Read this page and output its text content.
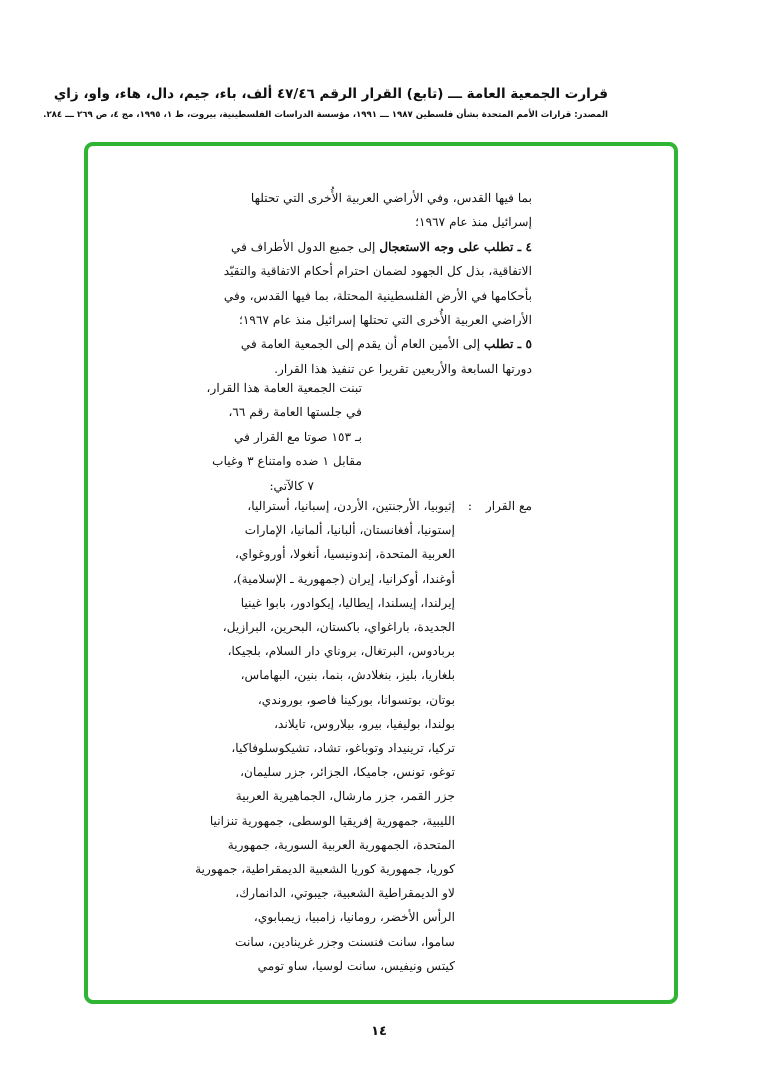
قرارت الجمعية العامة ـــ (تابع) القرار الرقم ٤٧/٤٦ ألف، باء، جيم، دال، هاء، واو، زاي
المصدر: قرارات الأمم المتحدة بشأن فلسطين ١٩٨٧ ـــ ١٩٩١، مؤسسة الدراسات الفلسطينية، بيروت، ط ١، ١٩٩٥، مج ٤، ص ٢٦٩ ـــ ٢٨٤.

بما فيها القدس، وفي الأراضي العربية الأُخرى التي تحتلها

إسرائيل منذ عام ١٩٦٧؛

٤ ـ تطلب على وجه الاستعجال إلى جميع الدول الأطراف في

الاتفاقية، بذل كل الجهود لضمان احترام أحكام الاتفاقية والتقيّد

بأحكامها في الأرض الفلسطينية المحتلة، بما فيها القدس، وفي

الأراضي العربية الأُخرى التي تحتلها إسرائيل منذ عام ١٩٦٧؛

٥ ـ تطلب إلى الأمين العام أن يقدم إلى الجمعية العامة في

دورتها السابعة والأربعين تقريرا عن تنفيذ هذا القرار.

تبنت الجمعية العامة هذا القرار،

في جلستها العامة رقم ٦٦،

بـ ١٥٣ صوتا مع القرار في

مقابل ١ ضده وامتناع ٣ وغياب

٧ كالآتي:

مع القرار
:

إثيوبيا، الأرجنتين، الأردن، إسبانيا، أستراليا،

إستونيا، أفغانستان، ألبانيا، ألمانيا، الإمارات

العربية المتحدة، إندونيسيا، أنغولا، أوروغواي،

أوغندا، أوكرانيا، إيران (جمهورية ـ الإسلامية)،

إيرلندا، إيسلندا، إيطاليا، إيكوادور، بابوا غينيا

الجديدة، باراغواي، باكستان، البحرين، البرازيل،

بربادوس، البرتغال، بروناي دار السلام، بلجيكا،

بلغاريا، بليز، بنغلادش، بنما، بنين، البهاماس،

بوتان، بوتسوانا، بوركينا فاصو، بوروندي،

بولندا، بوليفيا، بيرو، بيلاروس، تايلاند،

تركيا، ترينيداد وتوباغو، تشاد، تشيكوسلوفاكيا،

توغو، تونس، جاميكا، الجزائر، جزر سليمان،

جزر القمر، جزر مارشال، الجماهيرية العربية

الليبية، جمهورية إفريقيا الوسطى، جمهورية تنزانيا

المتحدة، الجمهورية العربية السورية، جمهورية

كوريا، جمهورية كوريا الشعبية الديمقراطية، جمهورية

لاو الديمقراطية الشعبية، جيبوتي، الدانمارك،

الرأس الأخضر، رومانيا، زامبيا، زيمبابوي،

ساموا، سانت فنسنت وجزر غرينادين، سانت

كيتس ونيفيس، سانت لوسيا، ساو تومي

١٤
